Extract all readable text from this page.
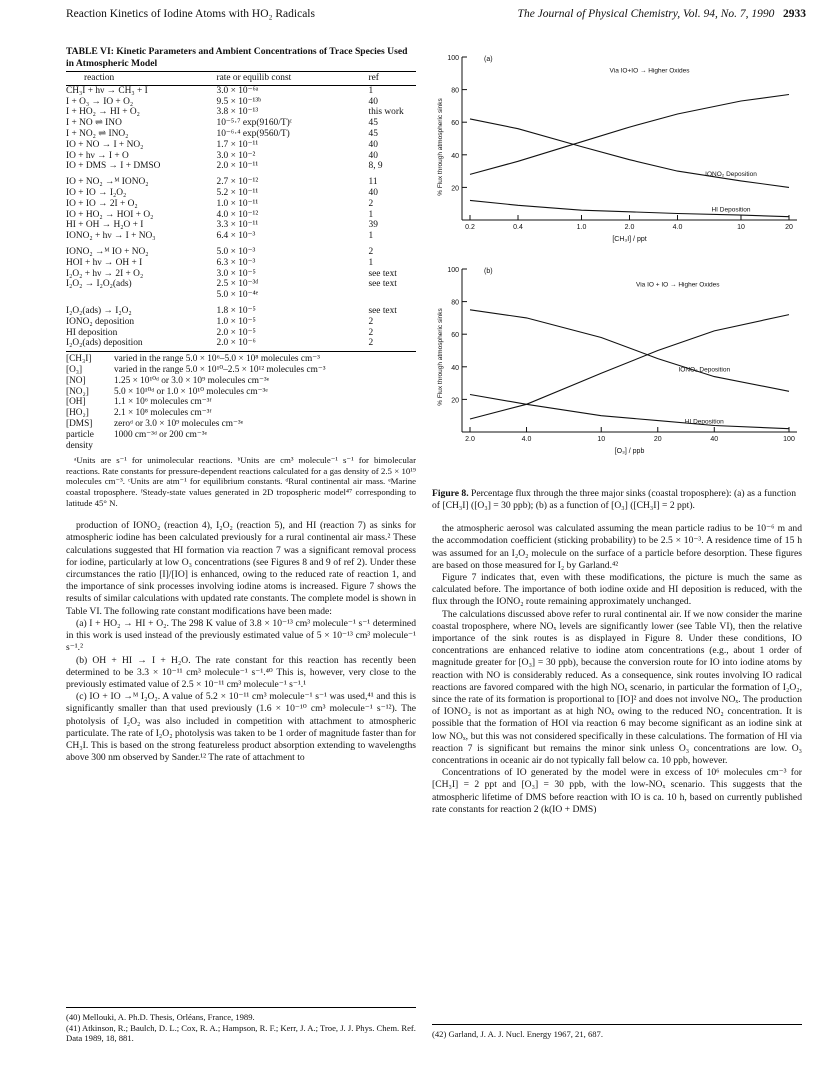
Reaction Kinetics of Iodine Atoms with HO₂ Radicals	The Journal of Physical Chemistry, Vol. 94, No. 7, 1990 2933
TABLE VI: Kinetic Parameters and Ambient Concentrations of Trace Species Used in Atmospheric Model
reaction	rate or equilib const	ref
CH₃I + hν → CH₃ + I	3.0 × 10⁻⁶ᵃ	1
I + O₃ → IO + O₂	9.5 × 10⁻¹³ᵇ	40
I + HO₂ → HI + O₂	3.8 × 10⁻¹³	this work
I + NO ⇌ INO	10⁻⁵·⁷ exp(9160/T)ᶜ	45
I + NO₂ ⇌ INO₂	10⁻⁶·⁴ exp(9560/T)	45
IO + NO → I + NO₂	1.7 × 10⁻¹¹	40
IO + hν → I + O	3.0 × 10⁻²	40
IO + DMS → I + DMSO	2.0 × 10⁻¹¹	8, 9
IO + NO₂ →ᴹ IONO₂	2.7 × 10⁻¹²	11
IO + IO → I₂O₂	5.2 × 10⁻¹¹	40
IO + IO → 2I + O₂	1.0 × 10⁻¹¹	2
IO + HO₂ → HOI + O₂	4.0 × 10⁻¹²	1
HI + OH → H₂O + I	3.3 × 10⁻¹¹	39
IONO₂ + hν → I + NO₃	6.4 × 10⁻³	1
IONO₂ →ᴹ IO + NO₂	5.0 × 10⁻³	2
HOI + hν → OH + I	6.3 × 10⁻³	1
I₂O₂ + hν → 2I + O₂	3.0 × 10⁻⁵	see text
I₂O₂ → I₂O₂(ads)	2.5 × 10⁻³ᵈ	see text
	5.0 × 10⁻⁴ᵉ	
I₂O₂(ads) → I₂O₂	1.8 × 10⁻⁵	see text
IONO₂ deposition	1.0 × 10⁻⁵	2
HI deposition	2.0 × 10⁻⁵	2
I₂O₂(ads) deposition	2.0 × 10⁻⁶	2
[CH₃I]	varied in the range 5.0 × 10⁶–5.0 × 10⁸ molecules cm⁻³
[O₃]	varied in the range 5.0 × 10¹⁰–2.5 × 10¹² molecules cm⁻³
[NO]	1.25 × 10¹⁰ᵈ or 3.0 × 10⁹ molecules cm⁻³ᵉ
[NO₂]	5.0 × 10¹⁰ᵈ or 1.0 × 10¹⁰ molecules cm⁻³ᵉ
[OH]	1.1 × 10⁶ molecules cm⁻³ᶠ
[HO₂]	2.1 × 10⁸ molecules cm⁻³ᶠ
[DMS]	zeroᵈ or 3.0 × 10⁹ molecules cm⁻³ᵉ
particle	1000 cm⁻³ᵈ or 200 cm⁻³ᵉ
density
ᵃUnits are s⁻¹ for unimolecular reactions. ᵇUnits are cm³ molecule⁻¹ s⁻¹ for bimolecular reactions. Rate constants for pressure-dependent reactions calculated for a gas density of 2.5 × 10¹⁹ molecules cm⁻³. ᶜUnits are atm⁻¹ for equilibrium constants. ᵈRural continental air mass. ᵉMarine coastal troposphere. ᶠSteady-state values generated in 2D tropospheric model⁴⁷ corresponding to latitude 45° N.

production of IONO₂ (reaction 4), I₂O₂ (reaction 5), and HI (reaction 7) as sinks for atmospheric iodine has been calculated previously for a rural continental air mass.² These calculations suggested that HI formation via reaction 7 was a significant removal process for iodine, particularly at low O₃ concentrations (see Figures 8 and 9 of ref 2). Under these circumstances the ratio [I]/[IO] is enhanced, owing to the reduced rate of reaction 1, and the importance of sink processes involving iodine atoms is increased. Figure 7 shows the results of similar calculations with updated rate constants. The complete model is shown in Table VI. The following rate constant modifications have been made:

(a) I + HO₂ → HI + O₂. The 298 K value of 3.8 × 10⁻¹³ cm³ molecule⁻¹ s⁻¹ determined in this work is used instead of the previously estimated value of 5 × 10⁻¹³ cm³ molecule⁻¹ s⁻¹.²

(b) OH + HI → I + H₂O. The rate constant for this reaction has recently been determined to be 3.3 × 10⁻¹¹ cm³ molecule⁻¹ s⁻¹.⁴⁰ This is, however, very close to the previously estimated value of 2.5 × 10⁻¹¹ cm³ molecule⁻¹ s⁻¹.¹

(c) IO + IO →ᴹ I₂O₂. A value of 5.2 × 10⁻¹¹ cm³ molecule⁻¹ s⁻¹ was used,⁴¹ and this is significantly smaller than that used previously (1.6 × 10⁻¹⁰ cm³ molecule⁻¹ s⁻¹²). The photolysis of I₂O₂ was also included in competition with attachment to atmospheric particulate. The rate of I₂O₂ photolysis was taken to be 1 order of magnitude faster than for CH₃I. This is based on the strong featureless product absorption extending to wavelengths above 300 nm observed by Sander.¹² The rate of attachment to

(40) Mellouki, A. Ph.D. Thesis, Orléans, France, 1989.
(41) Atkinson, R.; Baulch, D. L.; Cox, R. A.; Hampson, R. F.; Kerr, J. A.; Troe, J. J. Phys. Chem. Ref. Data 1989, 18, 881.
100
80
60
40
20
0.2	0.4	1.0	2.0	4.0	10	20
[CH₃I] / ppt
(a)
Via IO+IO → Higher Oxides
IONO₂ Deposition
HI Deposition
100
80
60
40
20
2.0	4.0	10	20	40	100
[O₃] / ppb
(b)
Via IO + IO → Higher Oxides
IONO₂ Deposition
HI Deposition
% Flux through atmospheric sinks
% Flux through atmospheric sinks
Figure 8. Percentage flux through the three major sinks (coastal troposphere): (a) as a function of [CH₃I] ([O₃] = 30 ppb); (b) as a function of [O₃] ([CH₃I] = 2 ppt).

the atmospheric aerosol was calculated assuming the mean particle radius to be 10⁻⁶ m and the accommodation coefficient (sticking probability) to be 2.5 × 10⁻³. A residence time of 15 h was assumed for an I₂O₂ molecule on the surface of a particle before desorption. These figures are based on those measured for I₂ by Garland.⁴²

Figure 7 indicates that, even with these modifications, the picture is much the same as calculated before. The importance of both iodine oxide and HI deposition is reduced, with the flux through the IONO₂ route remaining approximately unchanged.

The calculations discussed above refer to rural continental air. If we now consider the marine coastal troposphere, where NOₓ levels are significantly lower (see Table VI), then the relative importance of the sink routes is as displayed in Figure 8. Under these conditions, IO concentrations are enhanced relative to iodine atom concentrations (e.g., about 1 order of magnitude greater for [O₃] = 30 ppb), because the conversion route for IO into iodine atoms by reaction with NO is considerably reduced. As a consequence, sink routes involving IO radical reactions are favored compared with the high NOₓ scenario, in particular the formation of I₂O₂, since the rate of its formation is proportional to [IO]² and does not involve NOₓ. The production of IONO₂ is not as important as at high NOₓ owing to the reduced NO₂ concentration. It is possible that the formation of HOI via reaction 6 may become significant as an iodine sink at low NOₓ, but this was not considered specifically in these calculations. The formation of HI via reaction 7 is significant but remains the minor sink unless O₃ concentrations are low. O₃ concentrations in oceanic air do not typically fall below ca. 10 ppb, however.

Concentrations of IO generated by the model were in excess of 10⁶ molecules cm⁻³ for [CH₃I] = 2 ppt and [O₃] = 30 ppb, with the low-NOₓ scenario. This suggests that the atmospheric lifetime of DMS before reaction with IO is ca. 10 h, based on currently published rate constants for reaction 2 (k(IO + DMS)

(42) Garland, J. A. J. Nucl. Energy 1967, 21, 687.
